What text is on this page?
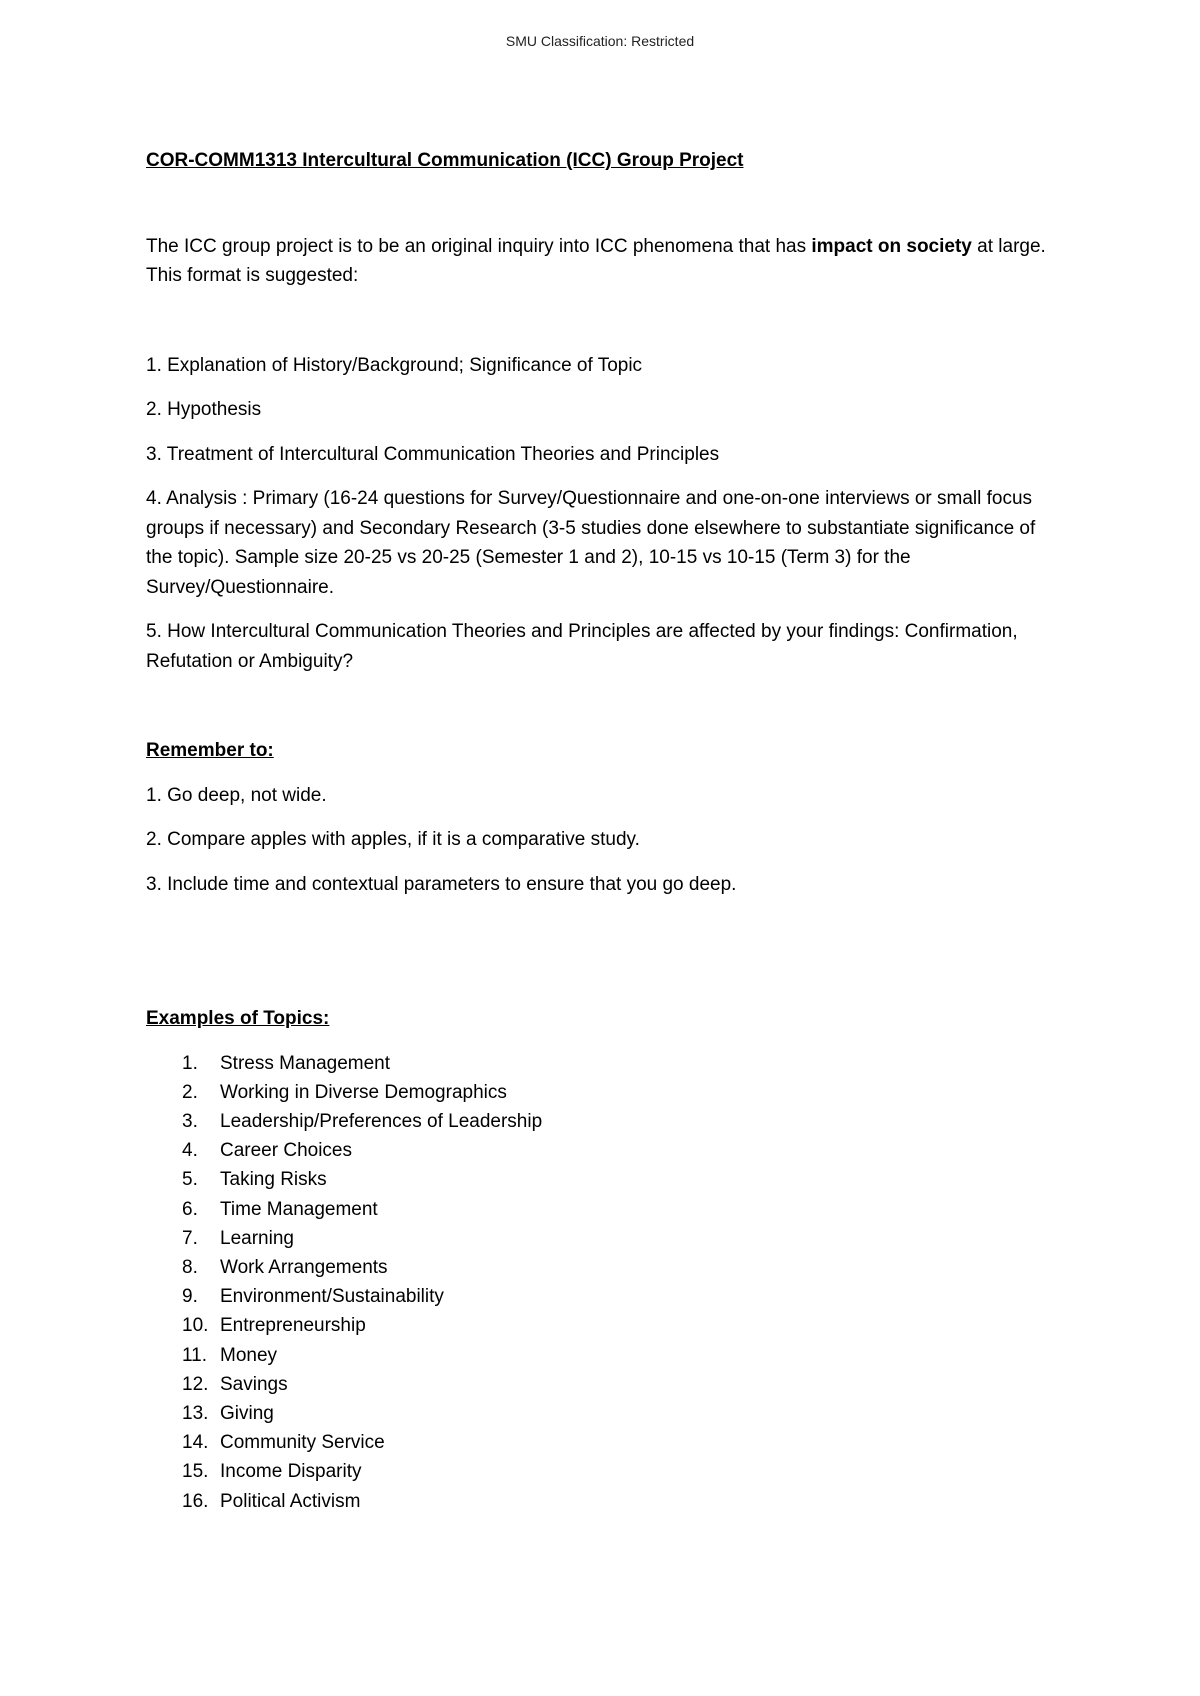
SMU Classification: Restricted

COR-COMM1313 Intercultural Communication (ICC) Group Project

The ICC group project is to be an original inquiry into ICC phenomena that has impact on society at large. This format is suggested:

1. Explanation of History/Background; Significance of Topic
2. Hypothesis
3. Treatment of Intercultural Communication Theories and Principles
4. Analysis : Primary (16-24 questions for Survey/Questionnaire and one-on-one interviews or small focus groups if necessary) and Secondary Research (3-5 studies done elsewhere to substantiate significance of the topic). Sample size 20-25 vs 20-25 (Semester 1 and 2), 10-15 vs 10-15 (Term 3) for the Survey/Questionnaire.
5. How Intercultural Communication Theories and Principles are affected by your findings: Confirmation, Refutation or Ambiguity?

Remember to:

1. Go deep, not wide.
2. Compare apples with apples, if it is a comparative study.
3. Include time and contextual parameters to ensure that you go deep.

Examples of Topics:

1.	Stress Management
2.	Working in Diverse Demographics
3.	Leadership/Preferences of Leadership
4.	Career Choices
5.	Taking Risks
6.	Time Management
7.	Learning
8.	Work Arrangements
9.	Environment/Sustainability
10. Entrepreneurship
11. Money
12. Savings
13. Giving
14. Community Service
15. Income Disparity
16. Political Activism
